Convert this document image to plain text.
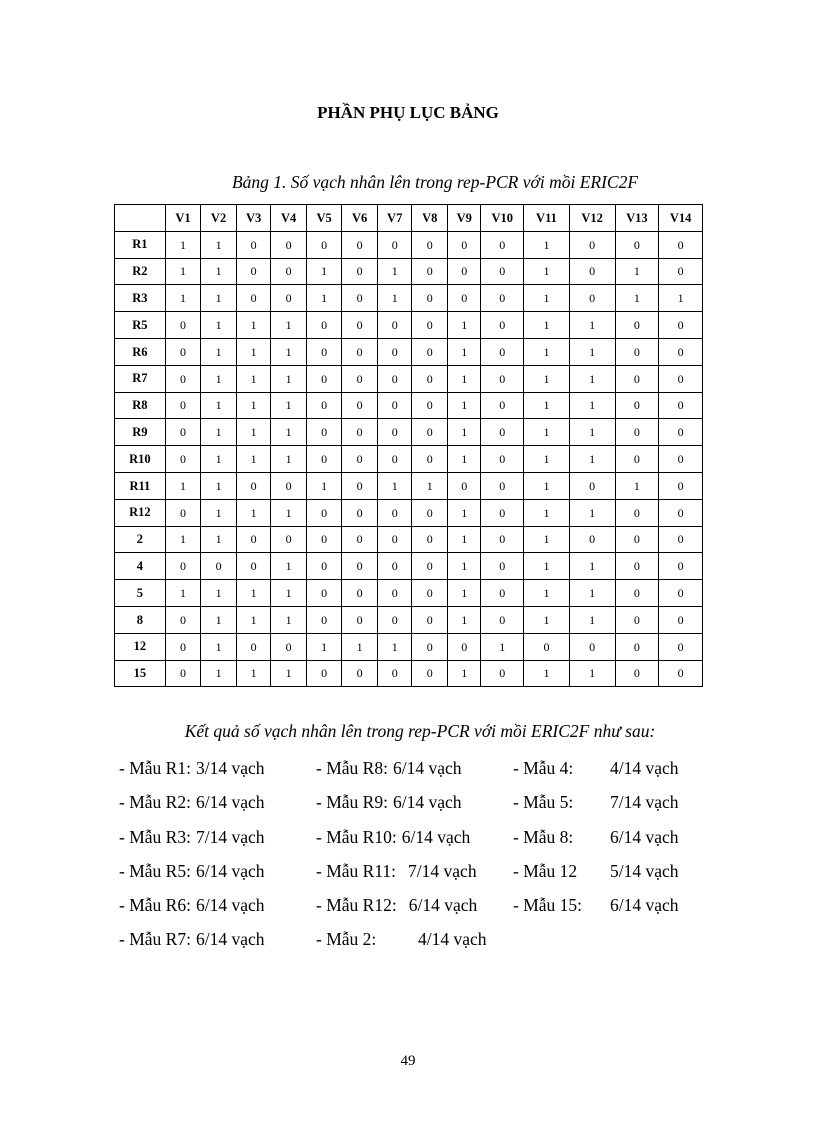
PHẦN PHỤ LỤC BẢNG
Bảng 1. Số vạch nhân lên trong rep-PCR với mồi ERIC2F
	V1	V2	V3	V4	V5	V6	V7	V8	V9	V10	V11	V12	V13	V14
R1	1	1	0	0	0	0	0	0	0	0	1	0	0	0
R2	1	1	0	0	1	0	1	0	0	0	1	0	1	0
R3	1	1	0	0	1	0	1	0	0	0	1	0	1	1
R5	0	1	1	1	0	0	0	0	1	0	1	1	0	0
R6	0	1	1	1	0	0	0	0	1	0	1	1	0	0
R7	0	1	1	1	0	0	0	0	1	0	1	1	0	0
R8	0	1	1	1	0	0	0	0	1	0	1	1	0	0
R9	0	1	1	1	0	0	0	0	1	0	1	1	0	0
R10	0	1	1	1	0	0	0	0	1	0	1	1	0	0
R11	1	1	0	0	1	0	1	1	0	0	1	0	1	0
R12	0	1	1	1	0	0	0	0	1	0	1	1	0	0
2	1	1	0	0	0	0	0	0	1	0	1	0	0	0
4	0	0	0	1	0	0	0	0	1	0	1	1	0	0
5	1	1	1	1	0	0	0	0	1	0	1	1	0	0
8	0	1	1	1	0	0	0	0	1	0	1	1	0	0
12	0	1	0	0	1	1	1	0	0	1	0	0	0	0
15	0	1	1	1	0	0	0	0	1	0	1	1	0	0
Kết quả số vạch nhân lên trong rep-PCR với mồi ERIC2F như sau:
- Mẫu R1: 3/14 vạch
- Mẫu R2: 6/14 vạch
- Mẫu R3: 7/14 vạch
- Mẫu R5: 6/14 vạch
- Mẫu R6: 6/14 vạch
- Mẫu R7: 6/14 vạch
- Mẫu R8: 6/14 vạch
- Mẫu R9: 6/14 vạch
- Mẫu R10: 6/14 vạch
- Mẫu R11: 7/14 vạch
- Mẫu R12: 6/14 vạch
- Mẫu 2:	4/14 vạch
- Mẫu 4:	4/14 vạch
- Mẫu 5:	7/14 vạch
- Mẫu 8:	6/14 vạch
- Mẫu 12	5/14 vạch
- Mẫu 15:	6/14 vạch
49
